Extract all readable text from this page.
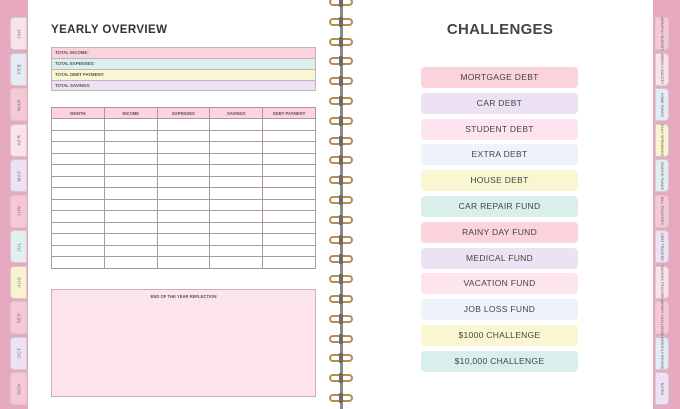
JAN
FEB
MAR
APR
MAY
JUN
JUL
AUG
SEP
OCT
NOV
MONTHLY BUDGET
WEEKLY BUDGET
HOME FUNDS
DAILY SPENDINGS
SINKING FUNDS
BILL TRACKERS
DEBT TRACKER
SAVINGS TRACKER
MONEY CHALLENGE
MONTHLY REVIEW
NOTES
YEARLY OVERVIEW
TOTAL INCOME:
TOTAL EXPENSES:
TOTAL DEBT PAYMENT:
TOTAL SAVINGS:
MONTH	INCOME	EXPENSES	SAVINGS	DEBT PAYMENT

END OF THE YEAR REFLECTION
CHALLENGES
MORTGAGE DEBT
CAR DEBT
STUDENT DEBT
EXTRA DEBT
HOUSE DEBT
CAR REPAIR FUND
RAINY DAY FUND
MEDICAL FUND
VACATION FUND
JOB LOSS FUND
$1000 CHALLENGE
$10,000 CHALLENGE
